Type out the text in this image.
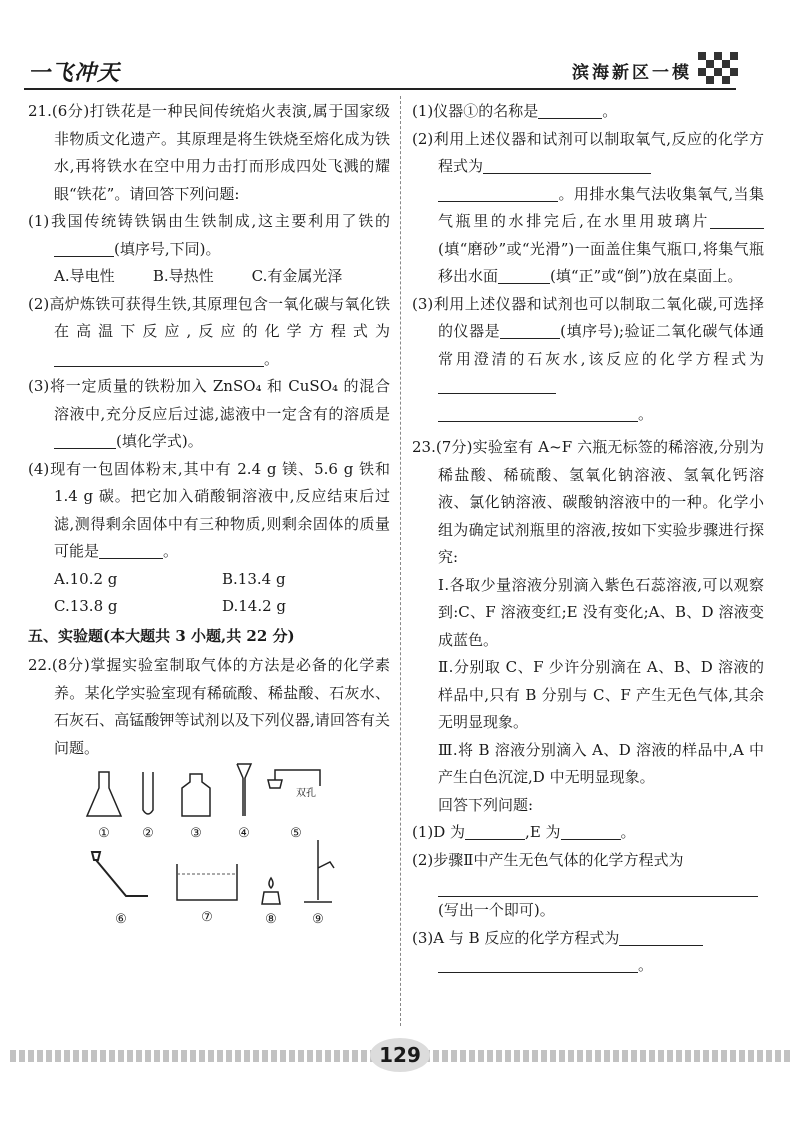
一飞冲天	滨海新区一模

21.(6分)打铁花是一种民间传统焰火表演,属于国家级非物质文化遗产。其原理是将生铁烧至熔化成为铁水,再将铁水在空中用力击打而形成四处飞溅的耀眼“铁花”。请回答下列问题:

(1)我国传统铸铁锅由生铁制成,这主要利用了铁的(填序号,下同)。

A.导电性	B.导热性	C.有金属光泽

(2)高炉炼铁可获得生铁,其原理包含一氧化碳与氧化铁在高温下反应,反应的化学方程式为。

(3)将一定质量的铁粉加入 ZnSO₄ 和 CuSO₄ 的混合溶液中,充分反应后过滤,滤液中一定含有的溶质是(填化学式)。

(4)现有一包固体粉末,其中有 2.4 g 镁、5.6 g 铁和 1.4 g 碳。把它加入硝酸铜溶液中,反应结束后过滤,测得剩余固体中有三种物质,则剩余固体的质量可能是	。

A.10.2 g	B.13.4 g
C.13.8 g	D.14.2 g

五、实验题(本大题共 3 小题,共 22 分)

22.(8分)掌握实验室制取气体的方法是必备的化学素养。某化学实验室现有稀硫酸、稀盐酸、石灰水、石灰石、高锰酸钾等试剂以及下列仪器,请回答有关问题。

①	②	③	④
双孔
⑤
⑥	⑦	⑧	⑨

(1)仪器①的名称是	。

(2)利用上述仪器和试剂可以制取氧气,反应的化学方程式为

。用排水集气法收集氧气,当集气瓶里的水排完后,在水里用玻璃片(填“磨砂”或“光滑”)一面盖住集气瓶口,将集气瓶移出水面	(填“正”或“倒”)放在桌面上。

(3)利用上述仪器和试剂也可以制取二氧化碳,可选择的仪器是	(填序号);验证二氧化碳气体通常用澄清的石灰水,该反应的化学方程式为

。

23.(7分)实验室有 A~F 六瓶无标签的稀溶液,分别为稀盐酸、稀硫酸、氢氧化钠溶液、氢氧化钙溶液、氯化钠溶液、碳酸钠溶液中的一种。化学小组为确定试剂瓶里的溶液,按如下实验步骤进行探究:

Ⅰ.各取少量溶液分别滴入紫色石蕊溶液,可以观察到:C、F 溶液变红;E 没有变化;A、B、D 溶液变成蓝色。

Ⅱ.分别取 C、F 少许分别滴在 A、B、D 溶液的样品中,只有 B 分别与 C、F 产生无色气体,其余无明显现象。

Ⅲ.将 B 溶液分别滴入 A、D 溶液的样品中,A 中产生白色沉淀,D 中无明显现象。

回答下列问题:

(1)D 为	,E 为	。

(2)步骤Ⅱ中产生无色气体的化学方程式为

(写出一个即可)。

(3)A 与 B 反应的化学方程式为

。

129
